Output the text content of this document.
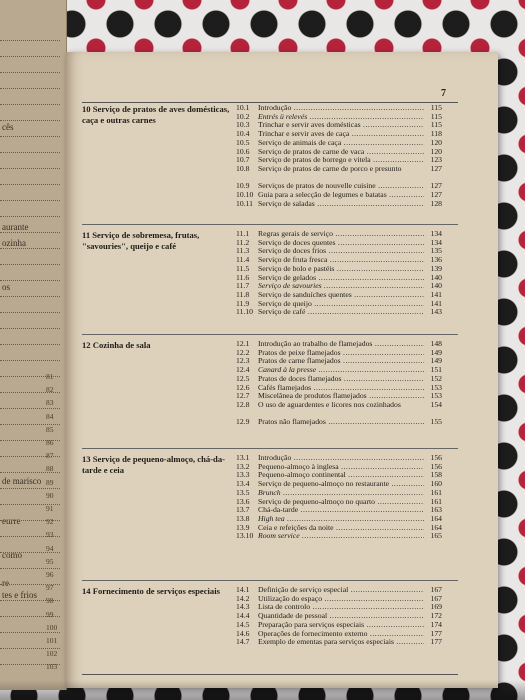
cês
aurante
ozinha
os
de marisco
eurre
como
re
tes e frios
81
82
83
84
85
86
87
88
89
90
91
92
93
94
95
96
97
98
99
100
101
102
103
7
10 Serviço de pratos de aves domésticas, caça e outras carnes
10.1	Introdução .....	115
10.2	Entrés ü relevés .....	115
10.3	Trinchar e servir aves domésticas .....	115
10.4	Trinchar e servir aves de caça .....	118
10.5	Serviço de animais de caça .....	120
10.6	Serviço de pratos de carne de vaca .....	120
10.7	Serviço de pratos de borrego e vitela .....	123
10.8	Serviço de pratos de carne de porco e presunto	127
10.9	Serviços de pratos de nouvelle cuisine .....	127
10.10 Guia para a selecção de legumes e batatas .....	127
10.11 Serviço de saladas .....	128
11 Serviço de sobremesa, frutas, "savouries", queijo e café
11.1	Regras gerais de serviço .....	134
11.2	Serviço de doces quentes .....	134
11.3	Serviço de doces frios .....	135
11.4	Serviço de fruta fresca .....	136
11.5	Serviço de bolo e pastéis .....	139
11.6	Serviço de gelados .....	140
11.7	Serviço de savouries .....	140
11.8	Serviço de sanduíches quentes .....	141
11.9	Serviço de queijo .....	141
11.10 Serviço de café .....	143
12 Cozinha de sala	12.1	Introdução ao trabalho de flamejados .....	148
12.2	Pratos de peixe flamejados .....	149
12.3	Pratos de carne flamejados .....	149
12.4	Canard à la presse .....	151
12.5	Pratos de doces flamejados .....	152
12.6	Cafés flamejados .....	153
12.7	Miscelânea de produtos flamejados .....	153
12.8	O uso de aguardentes e licores nos cozinhados	154
12.9	Pratos não flamejados .....	155
13 Serviço de pequeno-almoço, chá-da-tarde e ceia
13.1	Introdução .....	156
13.2	Pequeno-almoço à inglesa .....	156
13.3	Pequeno-almoço continental .....	158
13.4	Serviço de pequeno-almoço no restaurante .....	160
13.5	Brunch .....	161
13.6	Serviço de pequeno-almoço no quarto .....	161
13.7	Chá-da-tarde .....	163
13.8	High tea .....	164
13.9	Ceia e refeições da noite .....	164
13.10 Room service .....	165
14 Fornecimento de serviços especiais	14.1	Definição de serviço especial .....	167
14.2	Utilização do espaço .....	167
14.3	Lista de controlo .....	169
14.4	Quantidade de pessoal .....	172
14.5	Preparação para serviços especiais .....	174
14.6	Operações de fornecimento externo .....	177
14.7	Exemplo de ementas para serviços especiais .....	177
